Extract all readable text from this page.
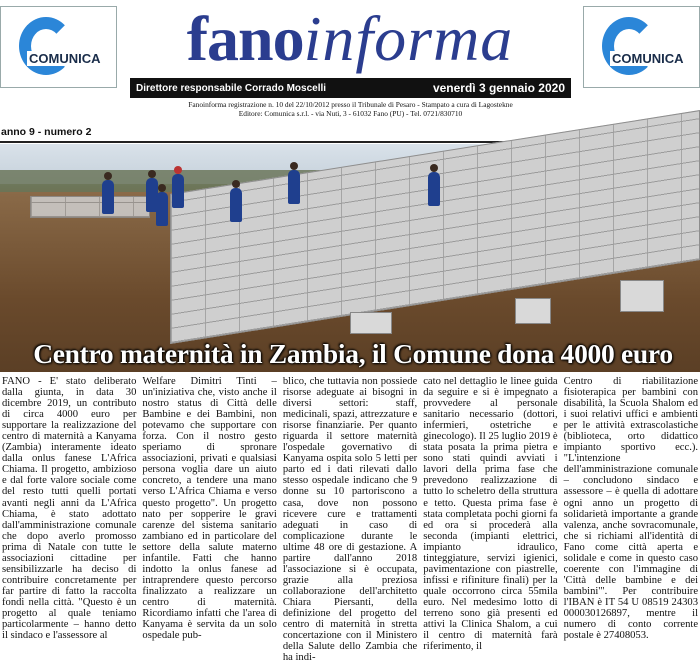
COMUNICA	fanoinforma	COMUNICA
Direttore responsabile Corrado Moscelli	venerdì 3 gennaio 2020
Fanoinforma registrazione n. 10 del 22/10/2012 presso il Tribunale di Pesaro - Stampato a cura di Lagostekne
Editore: Comunica s.r.l. - via Nuti, 3 - 61032 Fano (PU) - Tel. 0721/830710
anno 9 - numero 2
Centro maternità in Zambia, il Comune dona 4000 euro
FANO - E' stato deliberato dalla giunta, in data 30 dicembre 2019, un contributo di circa 4000 euro per supportare la realizzazione del centro di maternità a Kanyama (Zambia) interamente ideato dalla onlus fanese L'Africa Chiama. Il progetto, ambizioso e dal forte valore sociale come del resto tutti quelli portati avanti negli anni da L'Africa Chiama, è stato adottato dall'amministrazione comunale che dopo averlo promosso prima di Natale con tutte le associazioni cittadine per sensibilizzarle ha deciso di contribuire concretamente per far partire di fatto la raccolta fondi nella città. "Questo è un progetto al quale teniamo particolarmente – hanno detto il sindaco e l'assessore al
Welfare Dimitri Tinti – un'iniziativa che, visto anche il nostro status di Città delle Bambine e dei Bambini, non potevamo che supportare con forza. Con il nostro gesto speriamo di spronare associazioni, privati e qualsiasi persona voglia dare un aiuto concreto, a tendere una mano verso L'Africa Chiama e verso questo progetto". Un progetto nato per sopperire le gravi carenze del sistema sanitario zambiano ed in particolare del settore della salute materno infantile. Fatti che hanno indotto la onlus fanese ad intraprendere questo percorso finalizzato a realizzare un centro di maternità. Ricordiamo infatti che l'area di Kanyama è servita da un solo ospedale pub-
blico, che tuttavia non possiede risorse adeguate ai bisogni in diversi settori: staff, medicinali, spazi, attrezzature e risorse finanziarie. Per quanto riguarda il settore maternità l'ospedale governativo di Kanyama ospita solo 5 letti per parto ed i dati rilevati dallo stesso ospedale indicano che 9 donne su 10 partoriscono a casa, dove non possono ricevere cure e trattamenti adeguati in caso di complicazione durante le ultime 48 ore di gestazione. A partire dall'anno 2018 l'associazione si è occupata, grazie alla preziosa collaborazione dell'architetto Chiara Piersanti, della definizione del progetto del centro di maternità in stretta concertazione con il Ministero della Salute dello Zambia che ha indi-
cato nel dettaglio le linee guida da seguire e si è impegnato a provvedere al personale sanitario necessario (dottori, infermieri, ostetriche e ginecologo). Il 25 luglio 2019 è stata posata la prima pietra e sono stati quindi avviati i lavori della prima fase che prevedono realizzazione di tutto lo scheletro della struttura e tetto. Questa prima fase è stata completata pochi giorni fa ed ora si procederà alla seconda (impianti elettrici, impianto idraulico, tinteggiature, servizi igienici, pavimentazione con piastrelle, infissi e rifiniture finali) per la quale occorrono circa 55mila euro. Nel medesimo lotto di terreno sono già presenti ed attivi la Clinica Shalom, a cui il centro di maternità farà riferimento, il
Centro di riabilitazione fisioterapica per bambini con disabilità, la Scuola Shalom ed i suoi relativi uffici e ambienti per le attività extrascolastiche (biblioteca, orto didattico impianto sportivo ecc.). "L'intenzione dell'amministrazione comunale – concludono sindaco e assessore – è quella di adottare ogni anno un progetto di solidarietà importante a grande valenza, anche sovracomunale, che si richiami all'identità di Fano come città aperta e solidale e come in questo caso coerente con l'immagine di 'Città delle bambine e dei bambini'". Per contribuire l'IBAN è IT 54 U 08519 24303 000030126897, mentre il numero di conto corrente postale è 27408053.
